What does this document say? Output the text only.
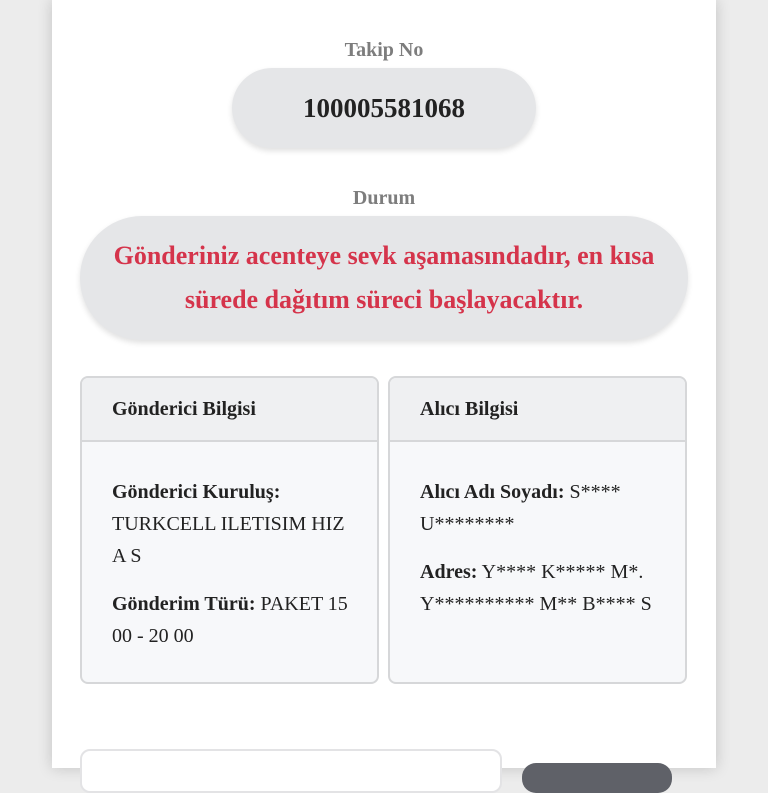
Takip No
100005581068
Durum
Gönderiniz acenteye sevk aşamasındadır, en kısa sürede dağıtım süreci başlayacaktır.
Gönderici Bilgisi
Gönderici Kuruluş:
TURKCELL ILETISIM HIZ A S
Gönderim Türü: PAKET 15 00 - 20 00
Alıcı Bilgisi
Alıcı Adı Soyadı: S**** U********
Adres: Y**** K***** M*. Y********** M** B**** S
